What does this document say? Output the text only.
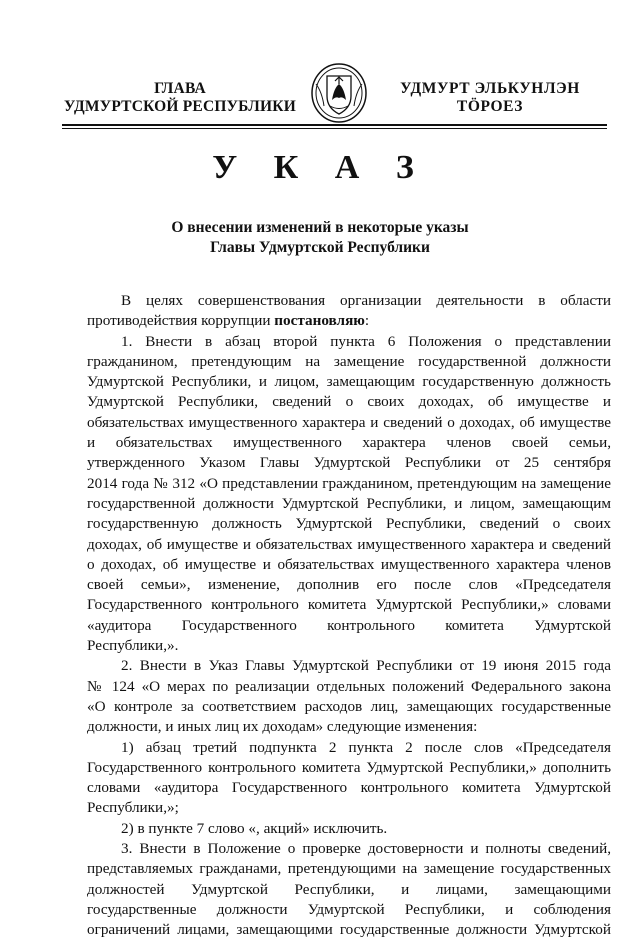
ГЛАВА
УДМУРТСКОЙ РЕСПУБЛИКИ
УДМУРТ ЭЛЬКУНЛЭН
ТӦРОЕЗ
У К А З
О внесении изменений в некоторые указы
Главы Удмуртской Республики
В целях совершенствования организации деятельности в области
противодействия коррупции постановляю:
1. Внести в абзац второй пункта 6 Положения о представлении
гражданином, претендующим на замещение государственной должности
Удмуртской Республики, и лицом, замещающим государственную должность
Удмуртской Республики, сведений о своих доходах, об имуществе и
обязательствах имущественного характера и сведений о доходах, об имуществе
и обязательствах имущественного характера членов своей семьи,
утвержденного Указом Главы Удмуртской Республики от 25 сентября
2014 года № 312 «О представлении гражданином, претендующим на замещение
государственной должности Удмуртской Республики, и лицом, замещающим
государственную должность Удмуртской Республики, сведений о своих
доходах, об имуществе и обязательствах имущественного характера и сведений
о доходах, об имуществе и обязательствах имущественного характера членов
своей семьи», изменение, дополнив его после слов «Председателя
Государственного контрольного комитета Удмуртской Республики,» словами
«аудитора Государственного контрольного комитета Удмуртской
Республики,».
2. Внести в Указ Главы Удмуртской Республики от 19 июня 2015 года
№ 124 «О мерах по реализации отдельных положений Федерального закона
«О контроле за соответствием расходов лиц, замещающих государственные
должности, и иных лиц их доходам» следующие изменения:
1) абзац третий подпункта 2 пункта 2 после слов «Председателя
Государственного контрольного комитета Удмуртской Республики,» дополнить
словами «аудитора Государственного контрольного комитета Удмуртской
Республики,»;
2) в пункте 7 слово «, акций» исключить.
3. Внести в Положение о проверке достоверности и полноты сведений,
представляемых гражданами, претендующими на замещение государственных
должностей Удмуртской Республики, и лицами, замещающими
государственные должности Удмуртской Республики, и соблюдения
ограничений лицами, замещающими государственные должности Удмуртской
